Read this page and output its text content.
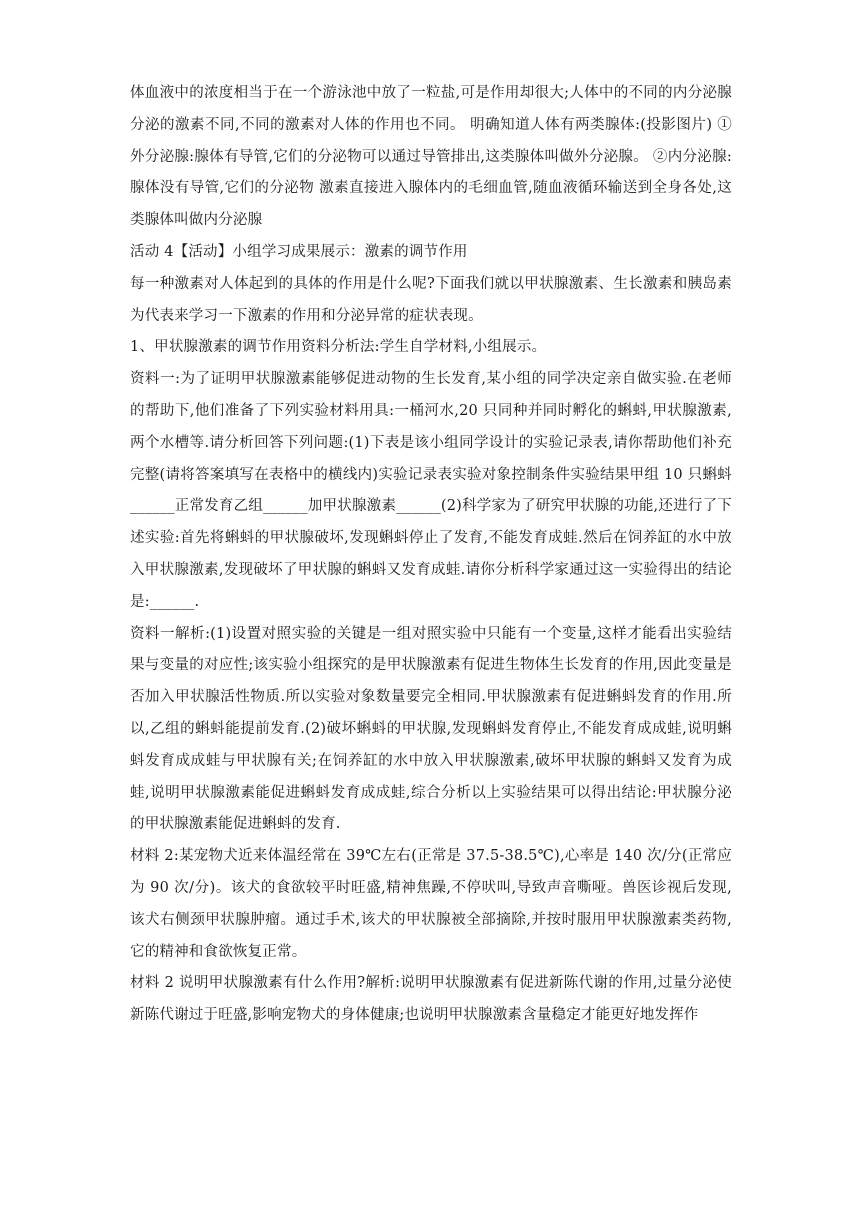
体血液中的浓度相当于在一个游泳池中放了一粒盐,可是作用却很大;人体中的不同的内分泌腺分泌的激素不同,不同的激素对人体的作用也不同。 明确知道人体有两类腺体:(投影图片) ①外分泌腺:腺体有导管,它们的分泌物可以通过导管排出,这类腺体叫做外分泌腺。 ②内分泌腺:腺体没有导管,它们的分泌物 激素直接进入腺体内的毛细血管,随血液循环输送到全身各处,这类腺体叫做内分泌腺

活动 4【活动】小组学习成果展示：激素的调节作用

每一种激素对人体起到的具体的作用是什么呢?下面我们就以甲状腺激素、生长激素和胰岛素为代表来学习一下激素的作用和分泌异常的症状表现。

1、甲状腺激素的调节作用资料分析法:学生自学材料,小组展示。

资料一:为了证明甲状腺激素能够促进动物的生长发育,某小组的同学决定亲自做实验.在老师的帮助下,他们准备了下列实验材料用具:一桶河水,20 只同种并同时孵化的蝌蚪,甲状腺激素,两个水槽等.请分析回答下列问题:(1)下表是该小组同学设计的实验记录表,请你帮助他们补充完整(请将答案填写在表格中的横线内)实验记录表实验对象控制条件实验结果甲组 10 只蝌蚪______正常发育乙组______加甲状腺激素______(2)科学家为了研究甲状腺的功能,还进行了下述实验:首先将蝌蚪的甲状腺破坏,发现蝌蚪停止了发育,不能发育成蛙.然后在饲养缸的水中放入甲状腺激素,发现破坏了甲状腺的蝌蚪又发育成蛙.请你分析科学家通过这一实验得出的结论是:______.

资料一解析:(1)设置对照实验的关键是一组对照实验中只能有一个变量,这样才能看出实验结果与变量的对应性;该实验小组探究的是甲状腺激素有促进生物体生长发育的作用,因此变量是否加入甲状腺活性物质.所以实验对象数量要完全相同.甲状腺激素有促进蝌蚪发育的作用.所以,乙组的蝌蚪能提前发育.(2)破坏蝌蚪的甲状腺,发现蝌蚪发育停止,不能发育成成蛙,说明蝌蚪发育成成蛙与甲状腺有关;在饲养缸的水中放入甲状腺激素,破坏甲状腺的蝌蚪又发育为成蛙,说明甲状腺激素能促进蝌蚪发育成成蛙,综合分析以上实验结果可以得出结论:甲状腺分泌的甲状腺激素能促进蝌蚪的发育.

材料 2:某宠物犬近来体温经常在 39℃左右(正常是 37.5-38.5℃),心率是 140 次/分(正常应为 90 次/分)。该犬的食欲较平时旺盛,精神焦躁,不停吠叫,导致声音嘶哑。兽医诊视后发现,该犬右侧颈甲状腺肿瘤。通过手术,该犬的甲状腺被全部摘除,并按时服用甲状腺激素类药物,它的精神和食欲恢复正常。

材料 2 说明甲状腺激素有什么作用?解析:说明甲状腺激素有促进新陈代谢的作用,过量分泌使新陈代谢过于旺盛,影响宠物犬的身体健康;也说明甲状腺激素含量稳定才能更好地发挥作
